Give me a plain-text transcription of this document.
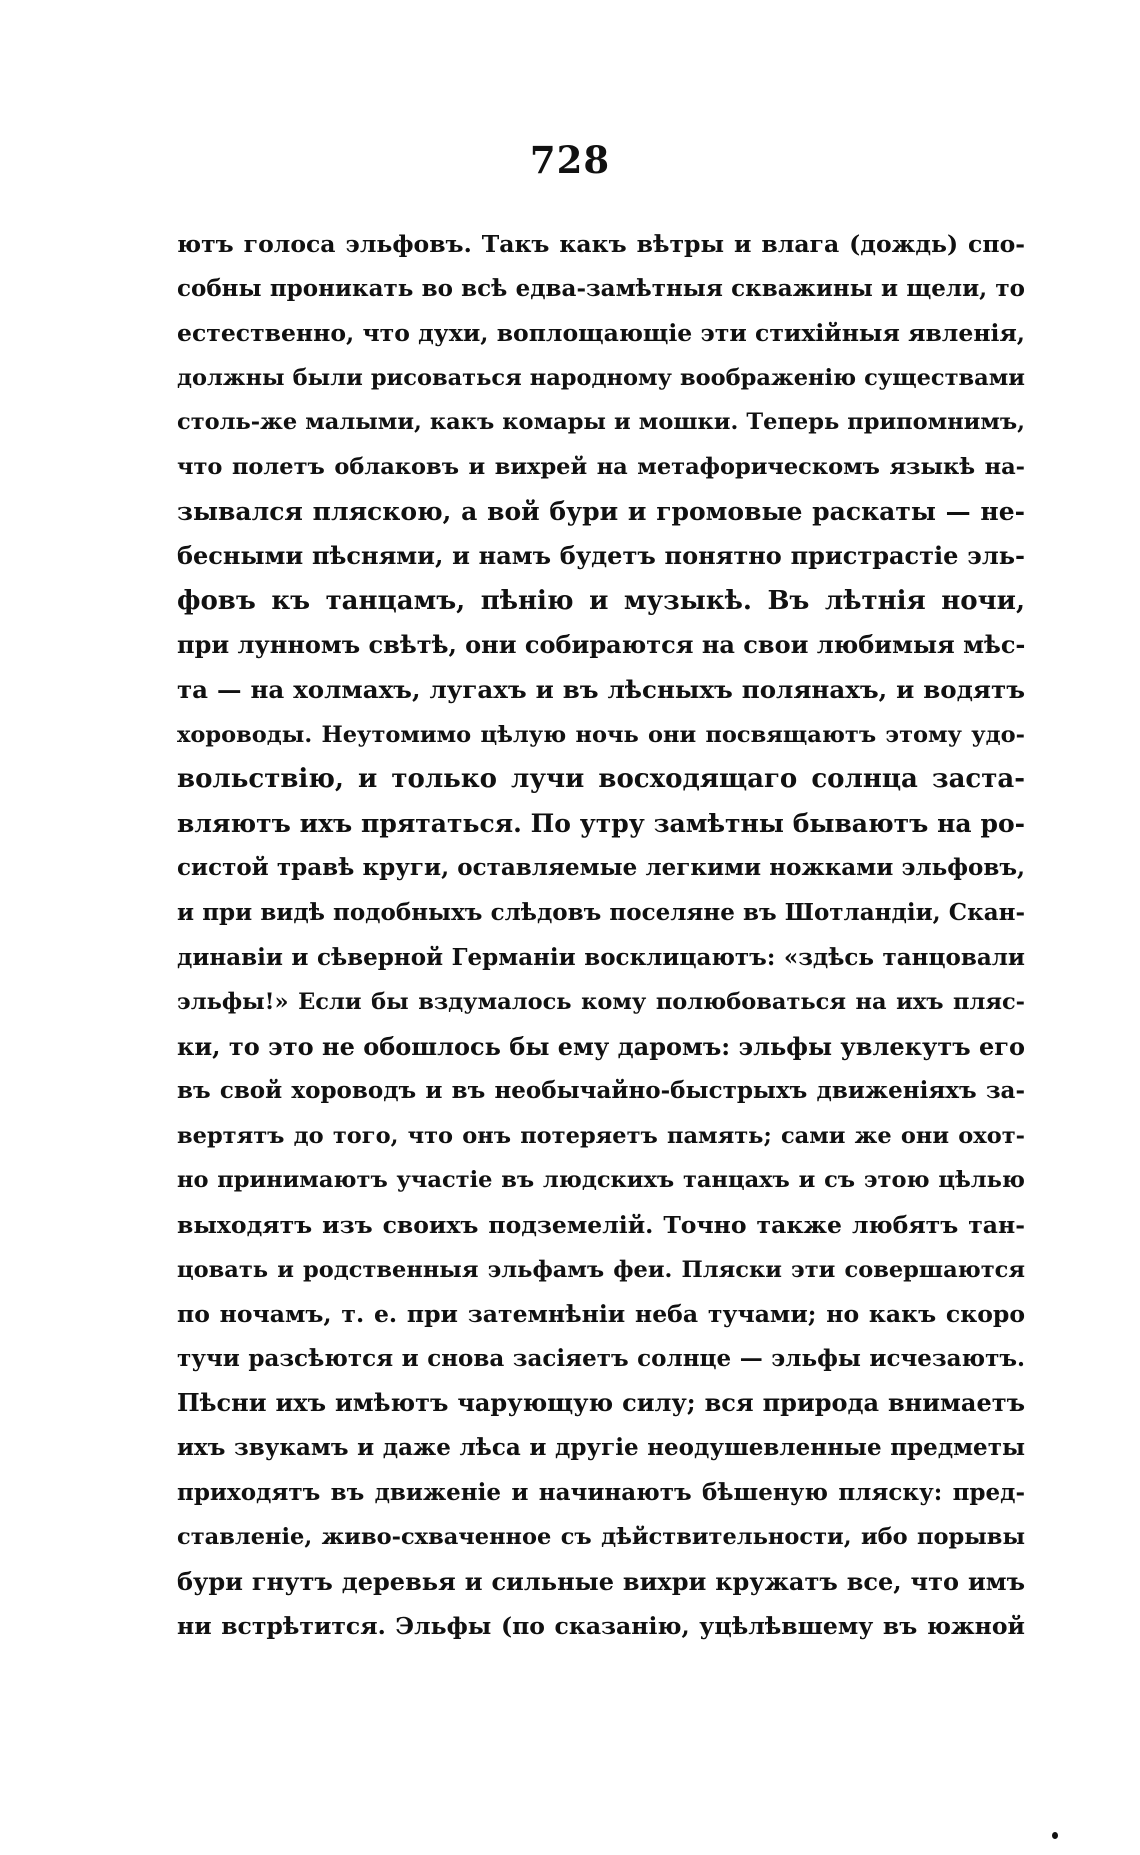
728
ютъ голоса эльфовъ. Такъ какъ вѣтры и влага (дождь) спо-
собны проникать во всѣ едва-замѣтныя скважины и щели, то
естественно, что духи, воплощающіе эти стихійныя явленія,
должны были рисоваться народному воображенію существами
столь-же малыми, какъ комары и мошки. Теперь припомнимъ,
что полетъ облаковъ и вихрей на метафорическомъ языкѣ на-
зывался пляскою, а вой бури и громовые раскаты — не-
бесными пѣснями, и намъ будетъ понятно пристрастіе эль-
фовъ къ танцамъ, пѣнію и музыкѣ. Въ лѣтнія ночи,
при лунномъ свѣтѣ, они собираются на свои любимыя мѣс-
та — на холмахъ, лугахъ и въ лѣсныхъ полянахъ, и водятъ
хороводы. Неутомимо цѣлую ночь они посвящаютъ этому удо-
вольствію, и только лучи восходящаго солнца заста-
вляютъ ихъ прятаться. По утру замѣтны бываютъ на ро-
систой травѣ круги, оставляемые легкими ножками эльфовъ,
и при видѣ подобныхъ слѣдовъ поселяне въ Шотландіи, Скан-
динавіи и сѣверной Германіи восклицаютъ: «здѣсь танцовали
эльфы!» Если бы вздумалось кому полюбоваться на ихъ пляс-
ки, то это не обошлось бы ему даромъ: эльфы увлекутъ его
въ свой хороводъ и въ необычайно-быстрыхъ движеніяхъ за-
вертятъ до того, что онъ потеряетъ память; сами же они охот-
но принимаютъ участіе въ людскихъ танцахъ и съ этою цѣлью
выходятъ изъ своихъ подземелій. Точно также любятъ тан-
цовать и родственныя эльфамъ феи. Пляски эти совершаются
по ночамъ, т. е. при затемнѣніи неба тучами; но какъ скоро
тучи разсѣются и снова засіяетъ солнце — эльфы исчезаютъ.
Пѣсни ихъ имѣютъ чарующую силу; вся природа внимаетъ
ихъ звукамъ и даже лѣса и другіе неодушевленные предметы
приходятъ въ движеніе и начинаютъ бѣшеную пляску: пред-
ставленіе, живо-схваченное съ дѣйствительности, ибо порывы
бури гнутъ деревья и сильные вихри кружатъ все, что имъ
ни встрѣтится. Эльфы (по сказанію, уцѣлѣвшему въ южной
